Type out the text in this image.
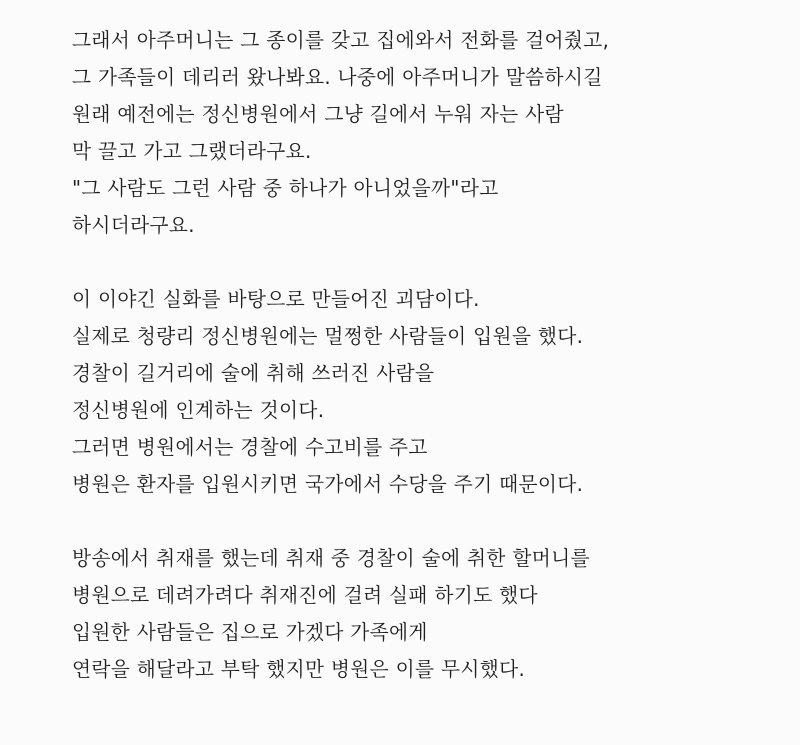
그래서 아주머니는 그 종이를 갖고 집에와서 전화를 걸어줬고,
그 가족들이 데리러 왔나봐요. 나중에 아주머니가 말씀하시길
원래 예전에는 정신병원에서 그냥 길에서 누워 자는 사람
막 끌고 가고 그랬더라구요.
"그 사람도 그런 사람 중 하나가 아니었을까"라고
하시더라구요.
이 이야긴 실화를 바탕으로 만들어진 괴담이다.
실제로 청량리 정신병원에는 멀쩡한 사람들이 입원을 했다.
경찰이 길거리에 술에 취해 쓰러진 사람을
정신병원에 인계하는 것이다.
그러면 병원에서는 경찰에 수고비를 주고
병원은 환자를 입원시키면 국가에서 수당을 주기 때문이다.
방송에서 취재를 했는데 취재 중 경찰이 술에 취한 할머니를
병원으로 데려가려다 취재진에 걸려 실패 하기도 했다
입원한 사람들은 집으로 가겠다 가족에게
연락을 해달라고 부탁 했지만 병원은 이를 무시했다.
